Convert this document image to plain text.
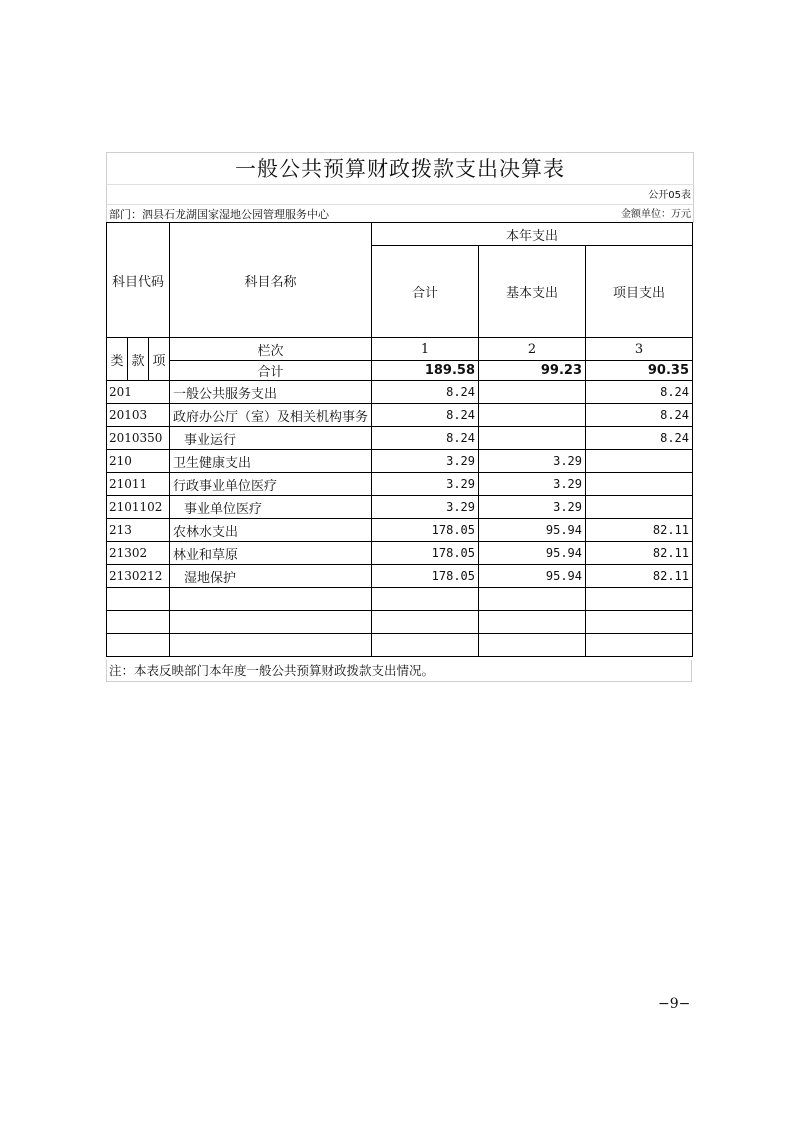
一般公共预算财政拨款支出决算表
公开05表
部门：泗县石龙湖国家湿地公园管理服务中心	金额单位：万元
科目代码			科目名称	本年支出		
				合计	基本支出	项目支出

类	款	项	栏次	1	2	3
			合计	189.58	99.23	90.35
201			一般公共服务支出	8.24		8.24
20103			政府办公厅（室）及相关机构事务	8.24		8.24
2010350			事业运行	8.24		8.24
210			卫生健康支出	3.29	3.29	
21011			行政事业单位医疗	3.29	3.29	
2101102			事业单位医疗	3.29	3.29	
213			农林水支出	178.05	95.94	82.11
21302			林业和草原	178.05	95.94	82.11
2130212			湿地保护	178.05	95.94	82.11

注：本表反映部门本年度一般公共预算财政拨款支出情况。
−9−
